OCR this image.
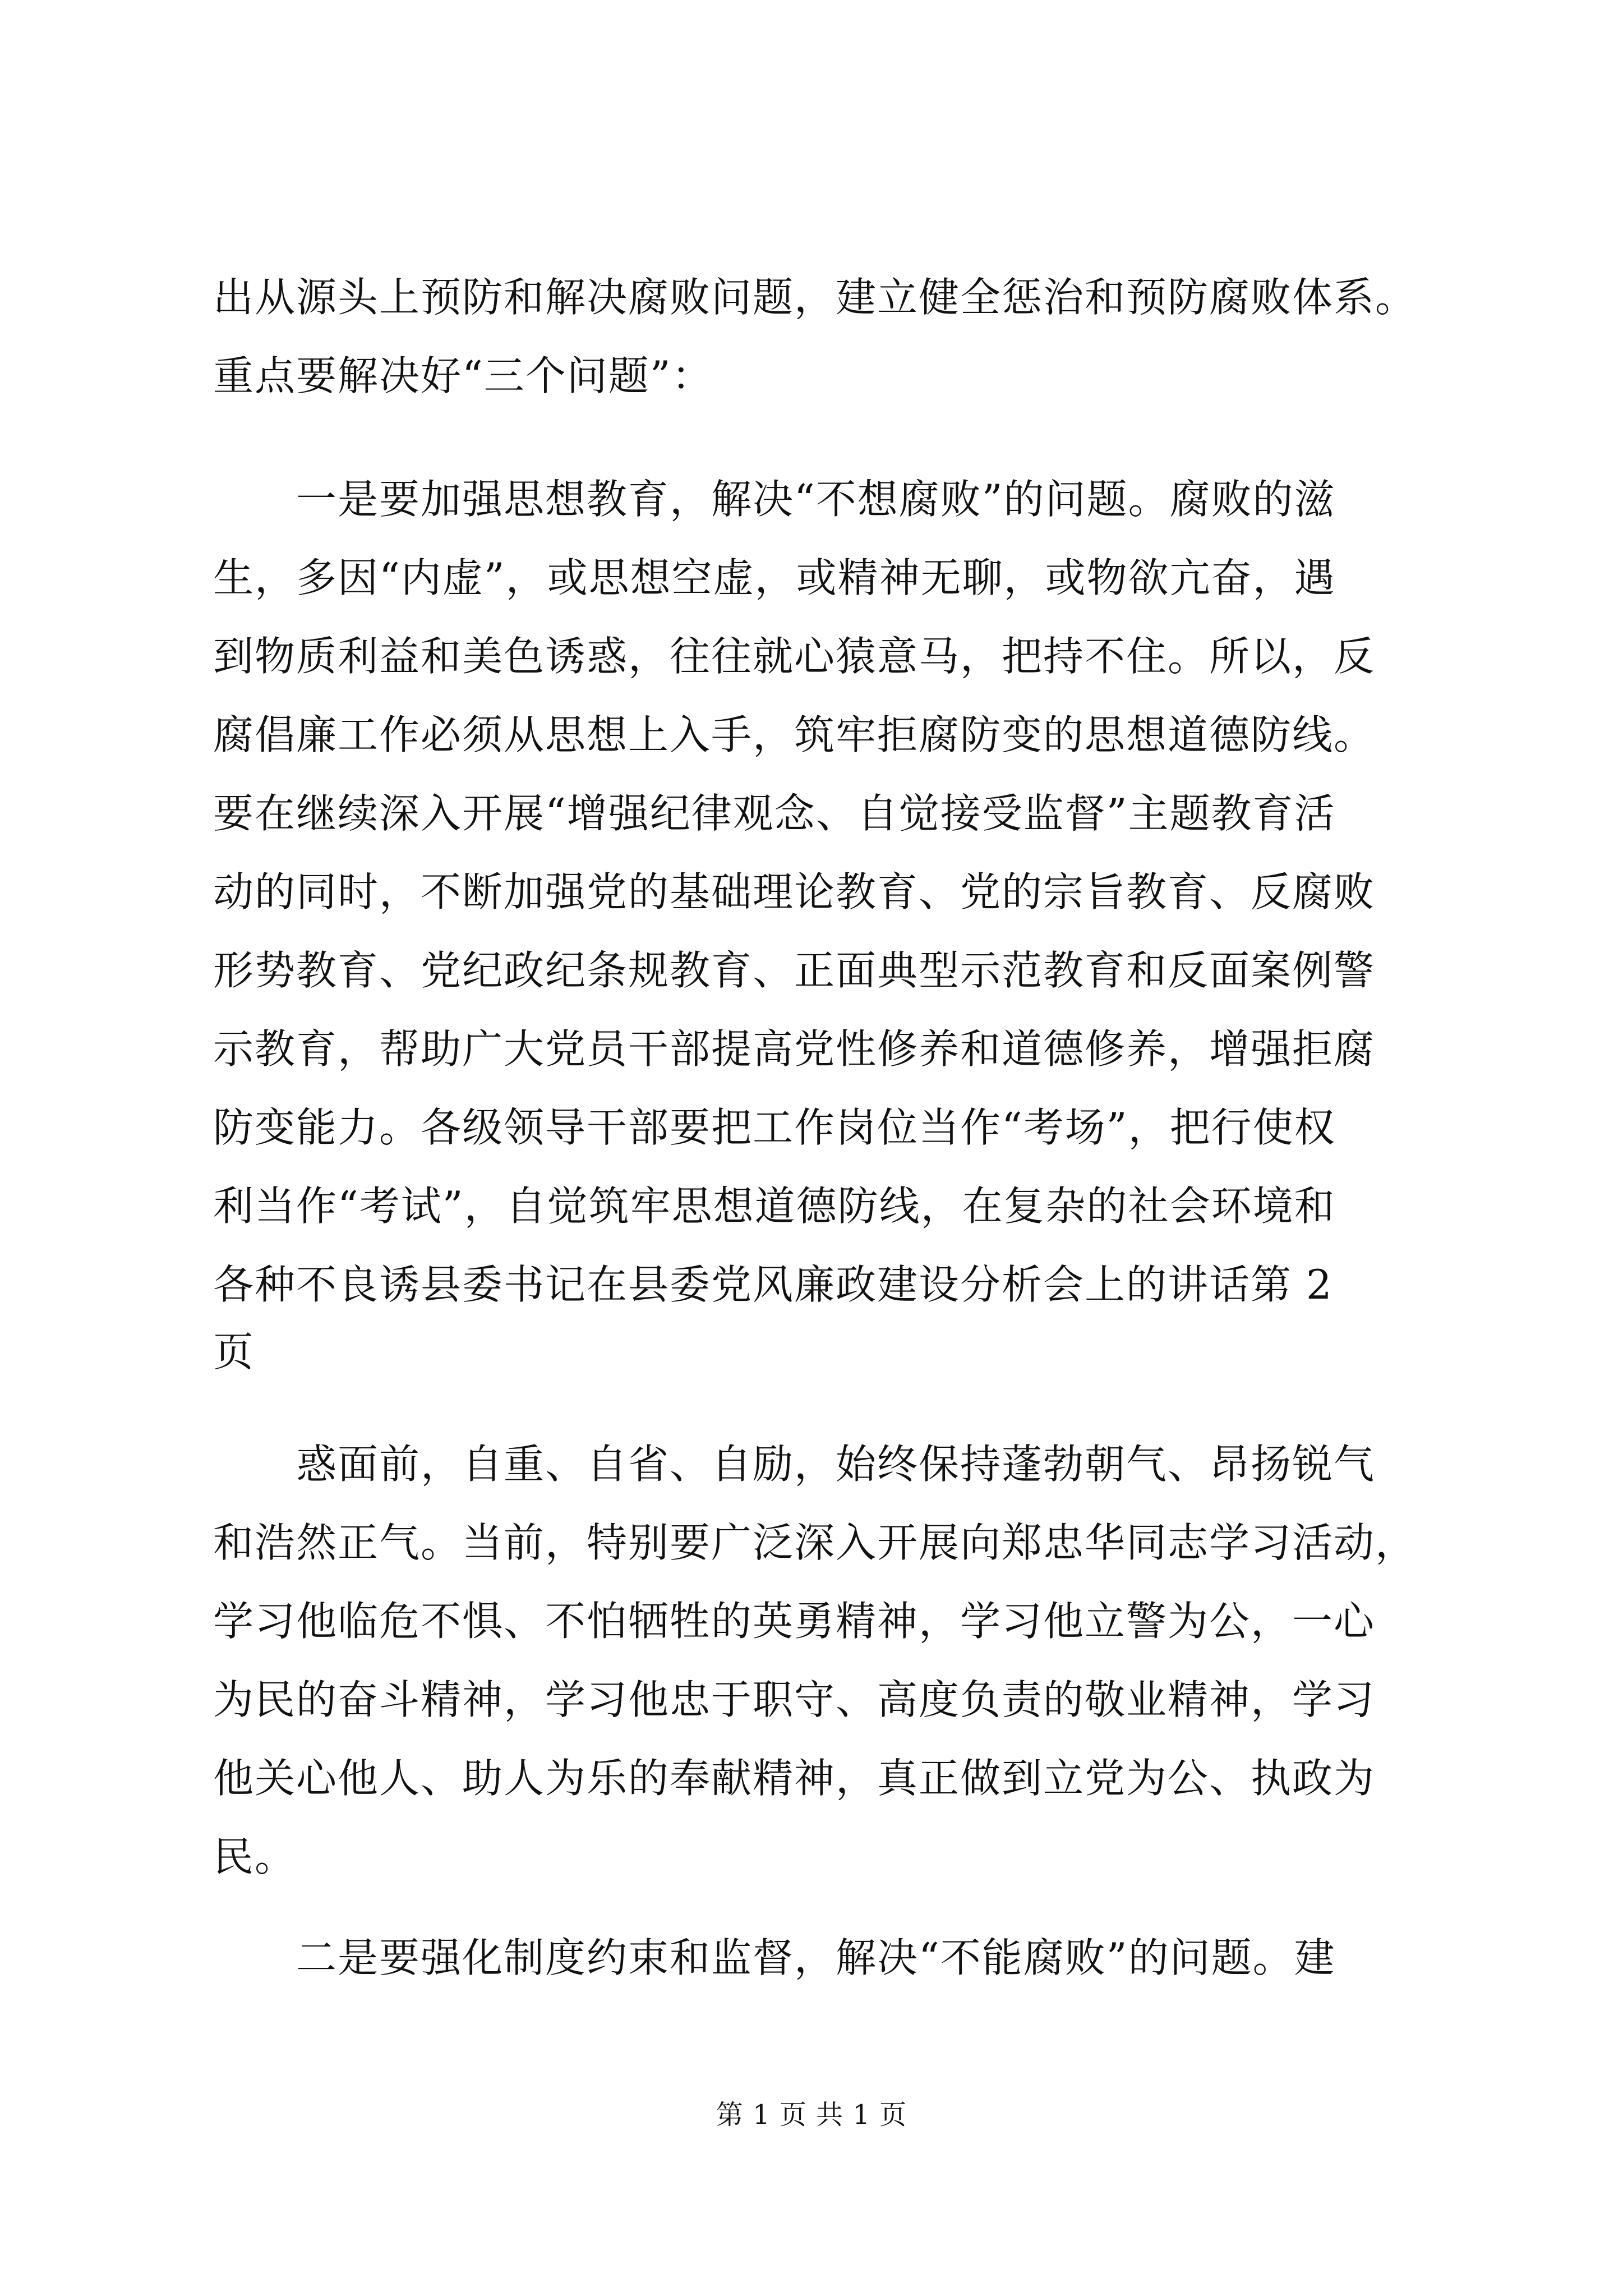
出从源头上预防和解决腐败问题，建立健全惩治和预防腐败体系。
重点要解决好“三个问题”：
　　一是要加强思想教育，解决“不想腐败”的问题。腐败的滋
生，多因“内虚”，或思想空虚，或精神无聊，或物欲亢奋，遇
到物质利益和美色诱惑，往往就心猿意马，把持不住。所以，反
腐倡廉工作必须从思想上入手，筑牢拒腐防变的思想道德防线。
要在继续深入开展“增强纪律观念、自觉接受监督”主题教育活
动的同时，不断加强党的基础理论教育、党的宗旨教育、反腐败
形势教育、党纪政纪条规教育、正面典型示范教育和反面案例警
示教育，帮助广大党员干部提高党性修养和道德修养，增强拒腐
防变能力。各级领导干部要把工作岗位当作“考场”，把行使权
利当作“考试”，自觉筑牢思想道德防线，在复杂的社会环境和
各种不良诱县委书记在县委党风廉政建设分析会上的讲话第 2
页
　　惑面前，自重、自省、自励，始终保持蓬勃朝气、昂扬锐气
和浩然正气。当前，特别要广泛深入开展向郑忠华同志学习活动，
学习他临危不惧、不怕牺牲的英勇精神，学习他立警为公，一心
为民的奋斗精神，学习他忠于职守、高度负责的敬业精神，学习
他关心他人、助人为乐的奉献精神，真正做到立党为公、执政为
民。
　　二是要强化制度约束和监督，解决“不能腐败”的问题。建
第 1 页 共 1 页
